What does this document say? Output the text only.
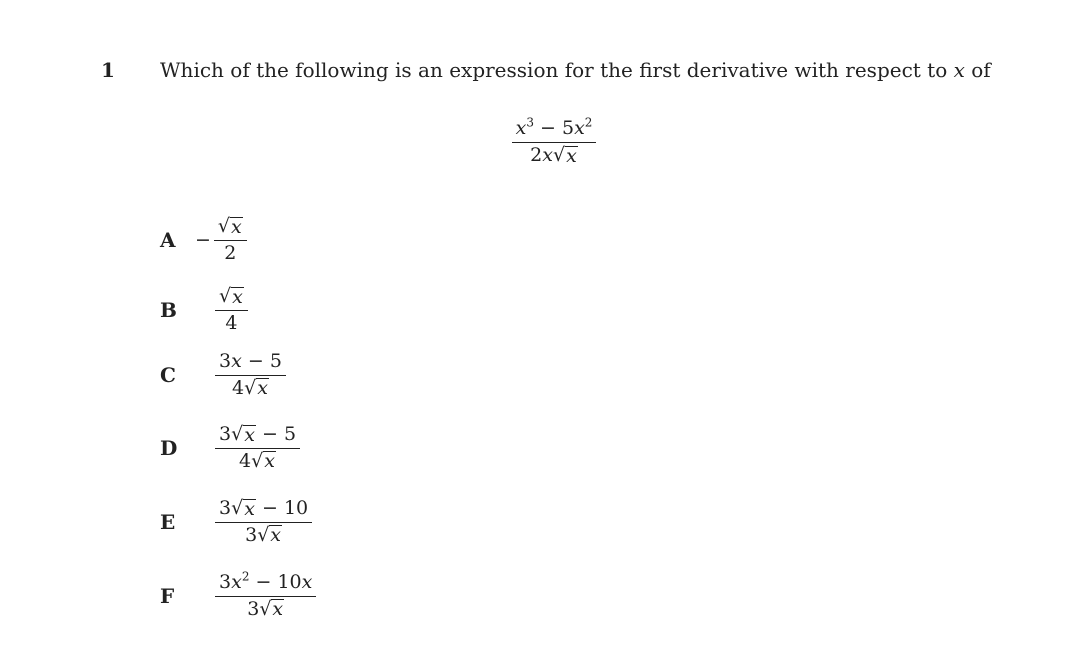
1 Which of the following is an expression for the first derivative with respect to x of
$\frac{x^3 - 5x^2}{2x √ x}$
A	− $\frac{√ x}{2}$
B	$\frac{√ x}{4}$
C	$\frac{3x - 5}{4 √ x}$
D	$\frac{3 √ x - 5}{4 √ x}$
E	$\frac{3 √ x - 10}{3 √ x}$
F	$\frac{3x^2 - 10x}{3 √ x}$
